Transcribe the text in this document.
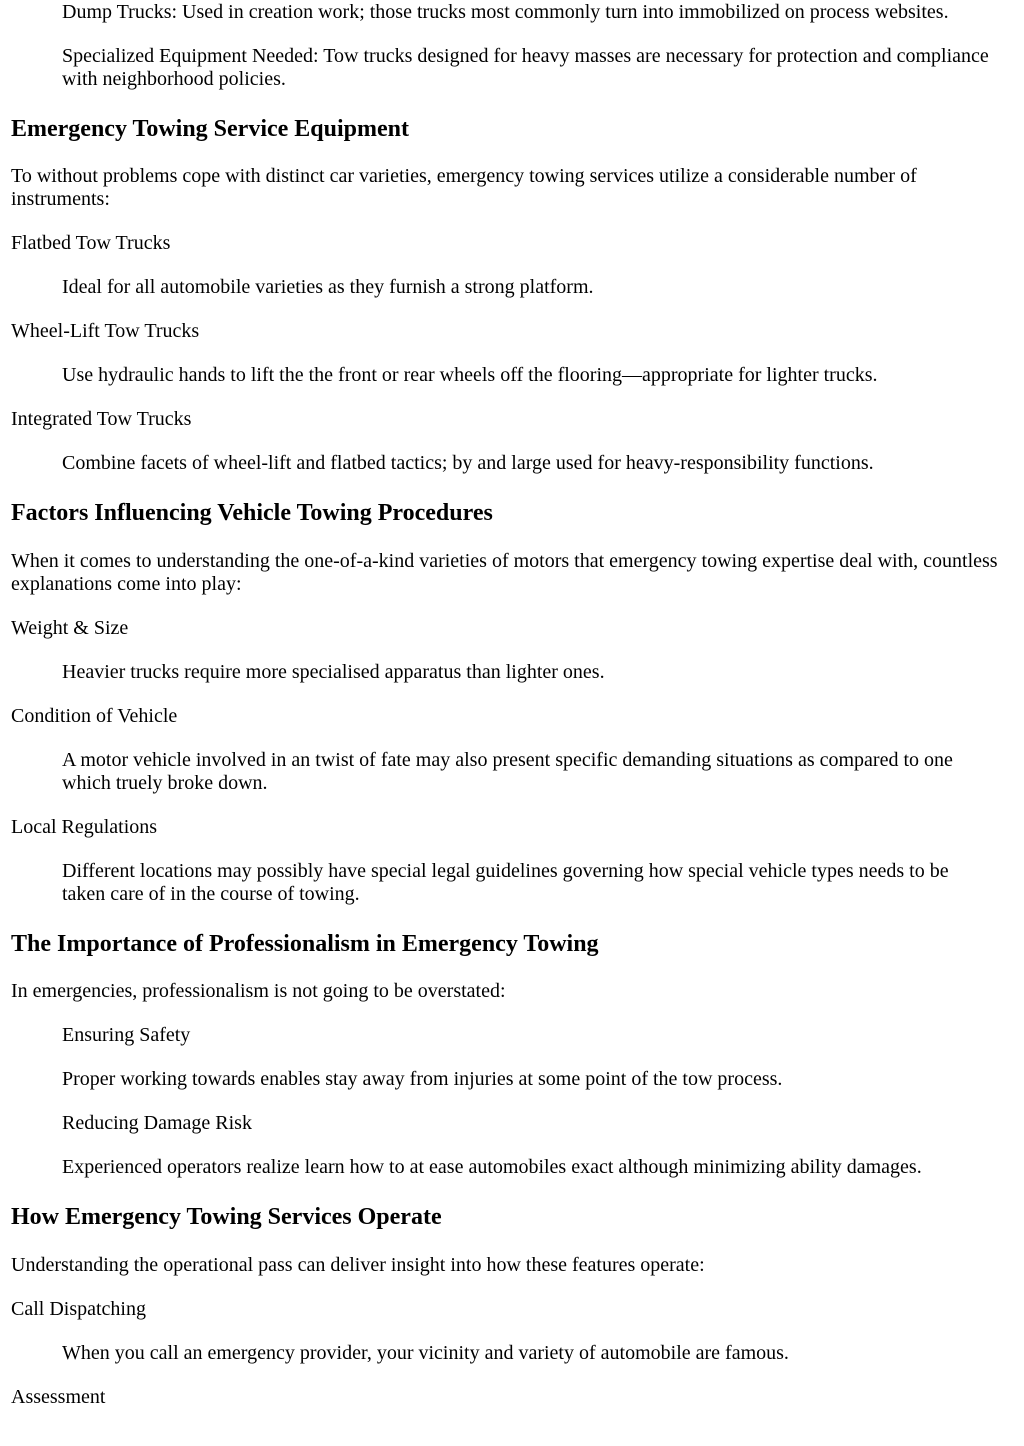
Dump Trucks: Used in creation work; those trucks most commonly turn into immobilized on process websites.

Specialized Equipment Needed: Tow trucks designed for heavy masses are necessary for protection and compliance with neighborhood policies.

Emergency Towing Service Equipment

To without problems cope with distinct car varieties, emergency towing services utilize a considerable number of instruments:

Flatbed Tow Trucks

Ideal for all automobile varieties as they furnish a strong platform.

Wheel-Lift Tow Trucks

Use hydraulic hands to lift the the front or rear wheels off the flooring—appropriate for lighter trucks.

Integrated Tow Trucks

Combine facets of wheel-lift and flatbed tactics; by and large used for heavy-responsibility functions.

Factors Influencing Vehicle Towing Procedures

When it comes to understanding the one-of-a-kind varieties of motors that emergency towing expertise deal with, countless explanations come into play:

Weight & Size

Heavier trucks require more specialised apparatus than lighter ones.

Condition of Vehicle

A motor vehicle involved in an twist of fate may also present specific demanding situations as compared to one which truely broke down.

Local Regulations

Different locations may possibly have special legal guidelines governing how special vehicle types needs to be taken care of in the course of towing.

The Importance of Professionalism in Emergency Towing

In emergencies, professionalism is not going to be overstated:

Ensuring Safety

Proper working towards enables stay away from injuries at some point of the tow process.

Reducing Damage Risk

Experienced operators realize learn how to at ease automobiles exact although minimizing ability damages.

How Emergency Towing Services Operate

Understanding the operational pass can deliver insight into how these features operate:

Call Dispatching

When you call an emergency provider, your vicinity and variety of automobile are famous.

Assessment
